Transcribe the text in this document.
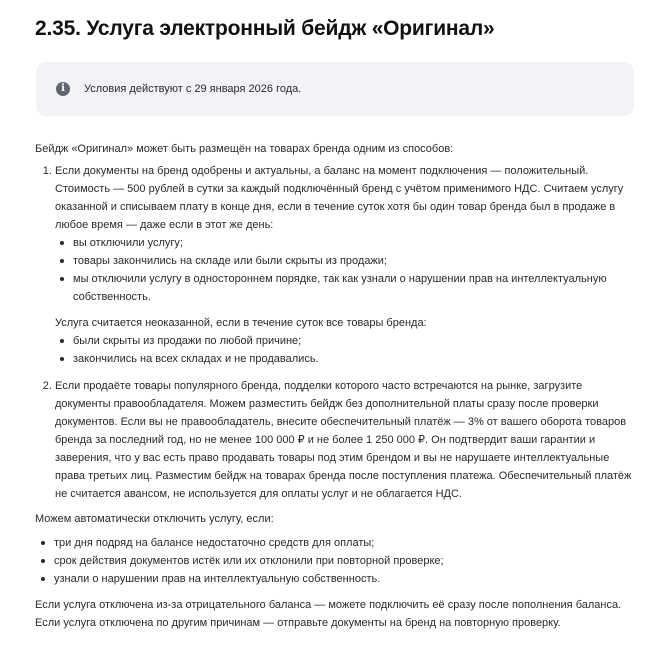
2.35. Услуга электронный бейдж «Оригинал»
i	Условия действуют с 29 января 2026 года.

Бейдж «Оригинал» может быть размещён на товарах бренда одним из способов:

1. Если документы на бренд одобрены и актуальны, а баланс на момент подключения — положительный. Стоимость — 500 рублей в сутки за каждый подключённый бренд с учётом применимого НДС. Считаем услугу оказанной и списываем плату в конце дня, если в течение суток хотя бы один товар бренда был в продаже в любое время — даже если в этот же день:
вы отключили услугу;
товары закончились на складе или были скрыты из продажи;
мы отключили услугу в одностороннем порядке, так как узнали о нарушении прав на интеллектуальную собственность.

Услуга считается неоказанной, если в течение суток все товары бренда:

были скрыты из продажи по любой причине;
закончились на всех складах и не продавались.
2. Если продаёте товары популярного бренда, подделки которого часто встречаются на рынке, загрузите документы правообладателя. Можем разместить бейдж без дополнительной платы сразу после проверки документов. Если вы не правообладатель, внесите обеспечительный платёж — 3% от вашего оборота товаров бренда за последний год, но не менее 100 000 ₽ и не более 1 250 000 ₽. Он подтвердит ваши гарантии и заверения, что у вас есть право продавать товары под этим брендом и вы не нарушаете интеллектуальные права третьих лиц. Разместим бейдж на товарах бренда после поступления платежа. Обеспечительный платёж не считается авансом, не используется для оплаты услуг и не облагается НДС.

Можем автоматически отключить услугу, если:

три дня подряд на балансе недостаточно средств для оплаты;
срок действия документов истёк или их отклонили при повторной проверке;
узнали о нарушении прав на интеллектуальную собственность.

Если услуга отключена из-за отрицательного баланса — можете подключить её сразу после пополнения баланса. Если услуга отключена по другим причинам — отправьте документы на бренд на повторную проверку.
